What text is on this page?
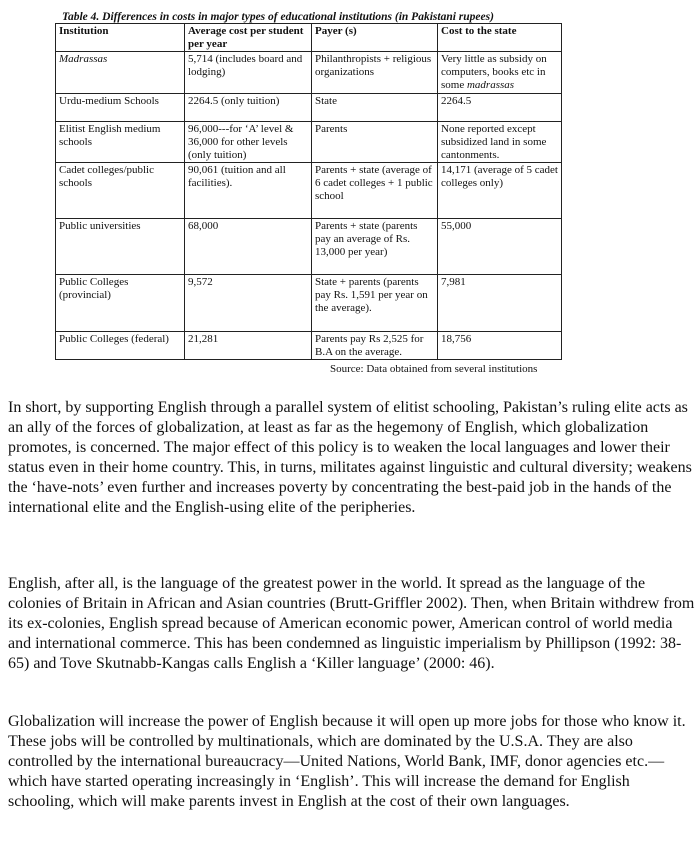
Table 4. Differences in costs in major types of educational institutions (in Pakistani rupees)
Institution	Average cost per student per year	Payer (s)	Cost to the state
Madrassas	5,714 (includes board and lodging)	Philanthropists + religious organizations	Very little as subsidy on computers, books etc in some madrassas
Urdu-medium Schools	2264.5 (only tuition)	State	2264.5
Elitist English medium schools	96,000---for ‘A’ level & 36,000 for other levels (only tuition)	Parents	None reported except subsidized land in some cantonments.
Cadet colleges/public schools	90,061 (tuition and all facilities).	Parents + state (average of 6 cadet colleges + 1 public school	14,171 (average of 5 cadet colleges only)
Public universities	68,000	Parents + state (parents pay an average of Rs. 13,000 per year)	55,000
Public Colleges (provincial)	9,572	State + parents (parents pay Rs. 1,591 per year on the average).	7,981
Public Colleges (federal)	21,281	Parents pay Rs 2,525 for B.A on the average.	18,756
Source: Data obtained from several institutions

In short, by supporting English through a parallel system of elitist schooling, Pakistan’s ruling elite acts as an ally of the forces of globalization, at least as far as the hegemony of English, which globalization promotes, is concerned. The major effect of this policy is to weaken the local languages and lower their status even in their home country. This, in turns, militates against linguistic and cultural diversity; weakens the ‘have-nots’ even further and increases poverty by concentrating the best-paid job in the hands of the international elite and the English-using elite of the peripheries.

English, after all, is the language of the greatest power in the world. It spread as the language of the colonies of Britain in African and Asian countries (Brutt-Griffler 2002). Then, when Britain withdrew from its ex-colonies, English spread because of American economic power, American control of world media and international commerce. This has been condemned as linguistic imperialism by Phillipson (1992: 38-65) and Tove Skutnabb-Kangas calls English a ‘Killer language’ (2000: 46).

Globalization will increase the power of English because it will open up more jobs for those who know it. These jobs will be controlled by multinationals, which are dominated by the U.S.A. They are also controlled by the international bureaucracy—United Nations, World Bank, IMF, donor agencies etc.—which have started operating increasingly in ‘English’. This will increase the demand for English schooling, which will make parents invest in English at the cost of their own languages.
